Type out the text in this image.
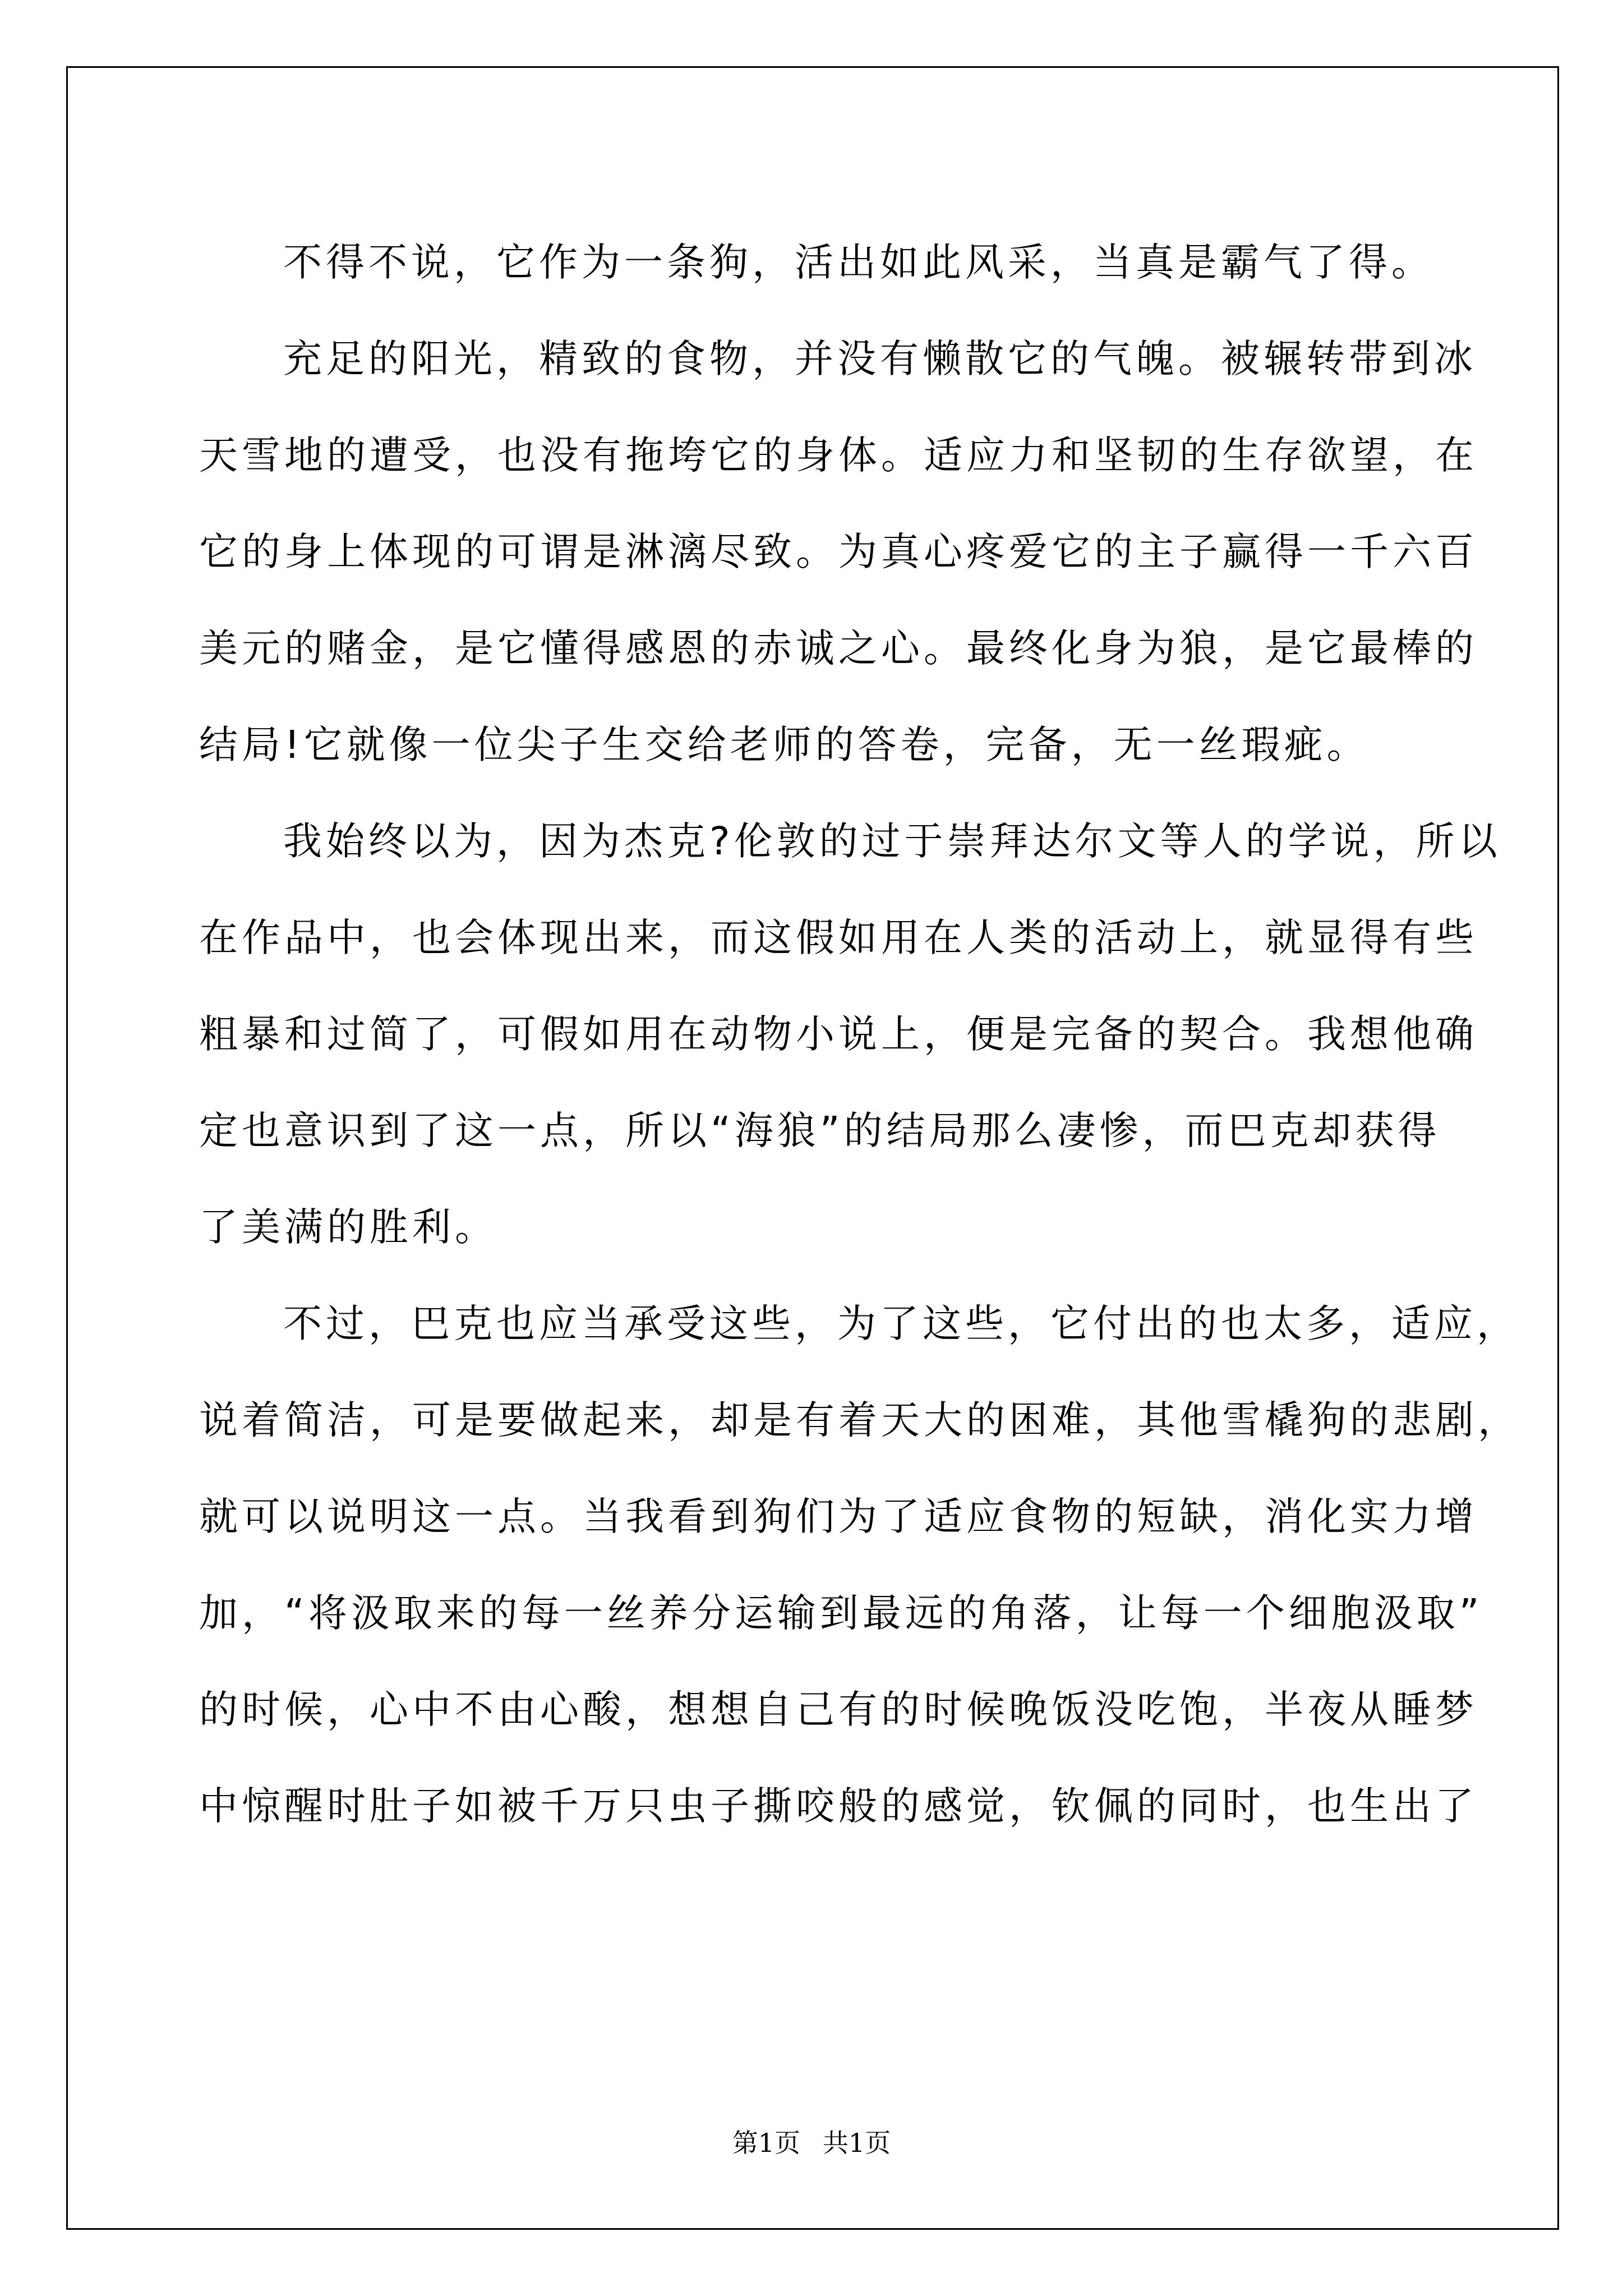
不得不说，它作为一条狗，活出如此风采，当真是霸气了得。
充足的阳光，精致的食物，并没有懒散它的气魄。被辗转带到冰
天雪地的遭受，也没有拖垮它的身体。适应力和坚韧的生存欲望，在
它的身上体现的可谓是淋漓尽致。为真心疼爱它的主子赢得一千六百
美元的赌金，是它懂得感恩的赤诚之心。最终化身为狼，是它最棒的
结局!它就像一位尖子生交给老师的答卷，完备，无一丝瑕疵。
我始终以为，因为杰克?伦敦的过于崇拜达尔文等人的学说，所以
在作品中，也会体现出来，而这假如用在人类的活动上，就显得有些
粗暴和过简了，可假如用在动物小说上，便是完备的契合。我想他确
定也意识到了这一点，所以“海狼”的结局那么凄惨，而巴克却获得
了美满的胜利。
不过，巴克也应当承受这些，为了这些，它付出的也太多，适应，
说着简洁，可是要做起来，却是有着天大的困难，其他雪橇狗的悲剧，
就可以说明这一点。当我看到狗们为了适应食物的短缺，消化实力增
加，“将汲取来的每一丝养分运输到最远的角落，让每一个细胞汲取”
的时候，心中不由心酸，想想自己有的时候晚饭没吃饱，半夜从睡梦
中惊醒时肚子如被千万只虫子撕咬般的感觉，钦佩的同时，也生出了
第1页 共1页
